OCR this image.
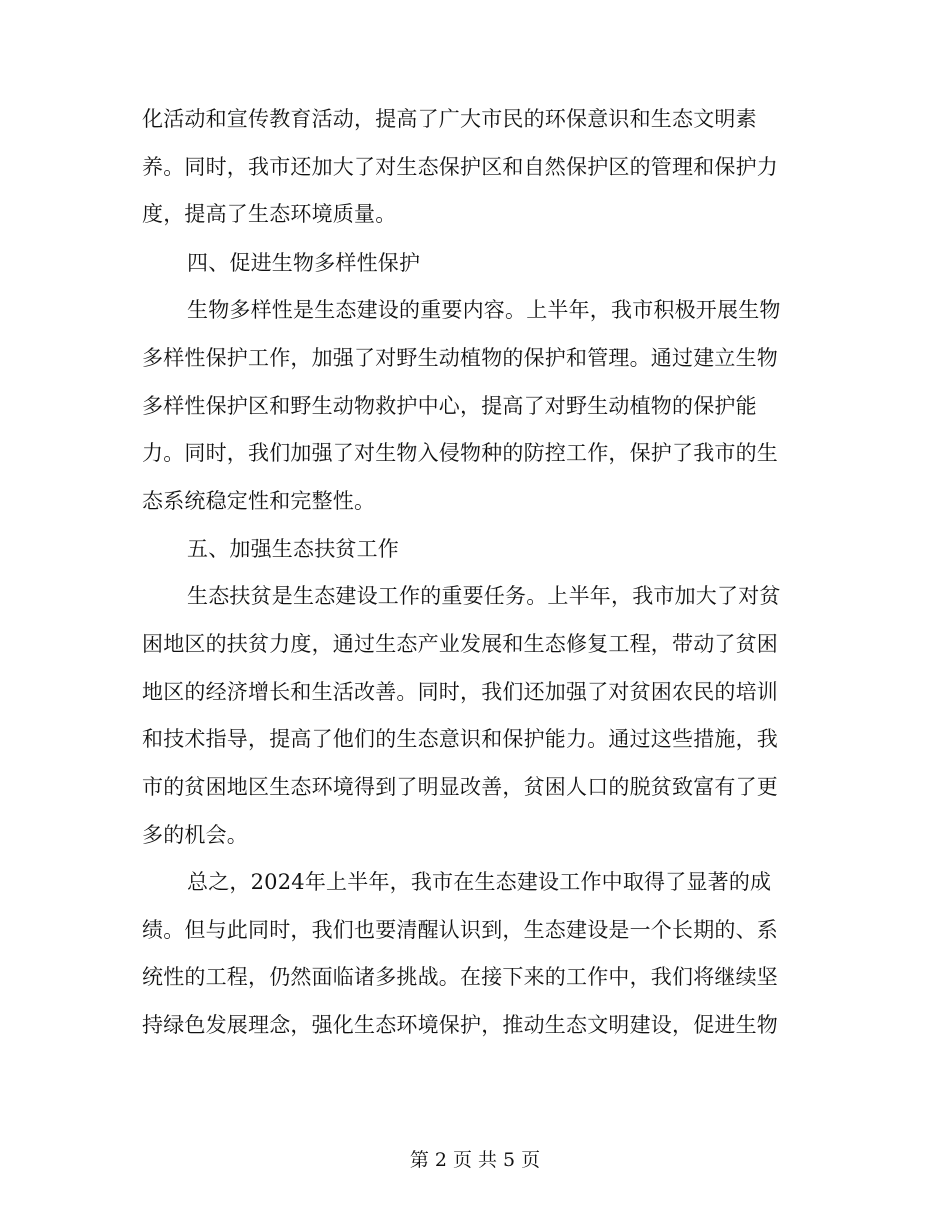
化活动和宣传教育活动，提高了广大市民的环保意识和生态文明素
养。同时，我市还加大了对生态保护区和自然保护区的管理和保护力
度，提高了生态环境质量。
四、促进生物多样性保护
生物多样性是生态建设的重要内容。上半年，我市积极开展生物
多样性保护工作，加强了对野生动植物的保护和管理。通过建立生物
多样性保护区和野生动物救护中心，提高了对野生动植物的保护能
力。同时，我们加强了对生物入侵物种的防控工作，保护了我市的生
态系统稳定性和完整性。
五、加强生态扶贫工作
生态扶贫是生态建设工作的重要任务。上半年，我市加大了对贫
困地区的扶贫力度，通过生态产业发展和生态修复工程，带动了贫困
地区的经济增长和生活改善。同时，我们还加强了对贫困农民的培训
和技术指导，提高了他们的生态意识和保护能力。通过这些措施，我
市的贫困地区生态环境得到了明显改善，贫困人口的脱贫致富有了更
多的机会。
总之，2024年上半年，我市在生态建设工作中取得了显著的成
绩。但与此同时，我们也要清醒认识到，生态建设是一个长期的、系
统性的工程，仍然面临诸多挑战。在接下来的工作中，我们将继续坚
持绿色发展理念，强化生态环境保护，推动生态文明建设，促进生物
第 2 页 共 5 页
